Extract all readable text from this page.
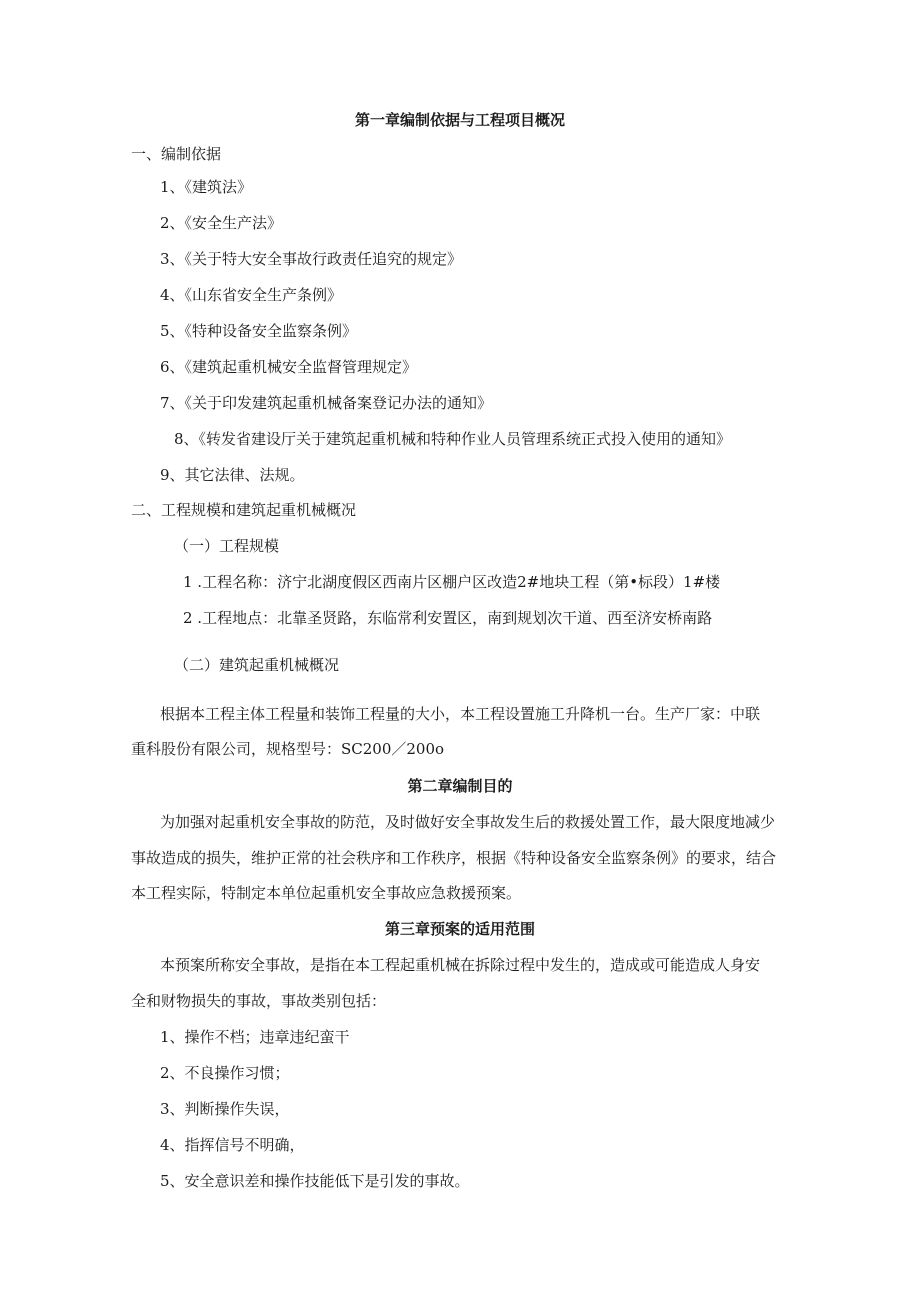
第一章编制依据与工程项目概况
一、编制依据
1、《建筑法》
2、《安全生产法》
3、《关于特大安全事故行政责任追究的规定》
4、《山东省安全生产条例》
5、《特种设备安全监察条例》
6、《建筑起重机械安全监督管理规定》
7、《关于印发建筑起重机械备案登记办法的通知》
8、《转发省建设厅关于建筑起重机械和特种作业人员管理系统正式投入使用的通知》
9、其它法律、法规。
二、工程规模和建筑起重机械概况
（一）工程规模
1 .工程名称：济宁北湖度假区西南片区棚户区改造2#地块工程（第•标段）1#楼
2 .工程地点：北靠圣贤路，东临常利安置区，南到规划次干道、西至济安桥南路
（二）建筑起重机械概况
根据本工程主体工程量和装饰工程量的大小，本工程设置施工升降机一台。生产厂家：中联
重科股份有限公司，规格型号：SC200／200o
第二章编制目的
为加强对起重机安全事故的防范，及时做好安全事故发生后的救援处置工作，最大限度地减少
事故造成的损失，维护正常的社会秩序和工作秩序，根据《特种设备安全监察条例》的要求，结合
本工程实际，特制定本单位起重机安全事故应急救援预案。
第三章预案的适用范围
本预案所称安全事故，是指在本工程起重机械在拆除过程中发生的，造成或可能造成人身安
全和财物损失的事故，事故类别包括：
1、操作不档；违章违纪蛮干
2、不良操作习惯；
3、判断操作失误，
4、指挥信号不明确，
5、安全意识差和操作技能低下是引发的事故。
